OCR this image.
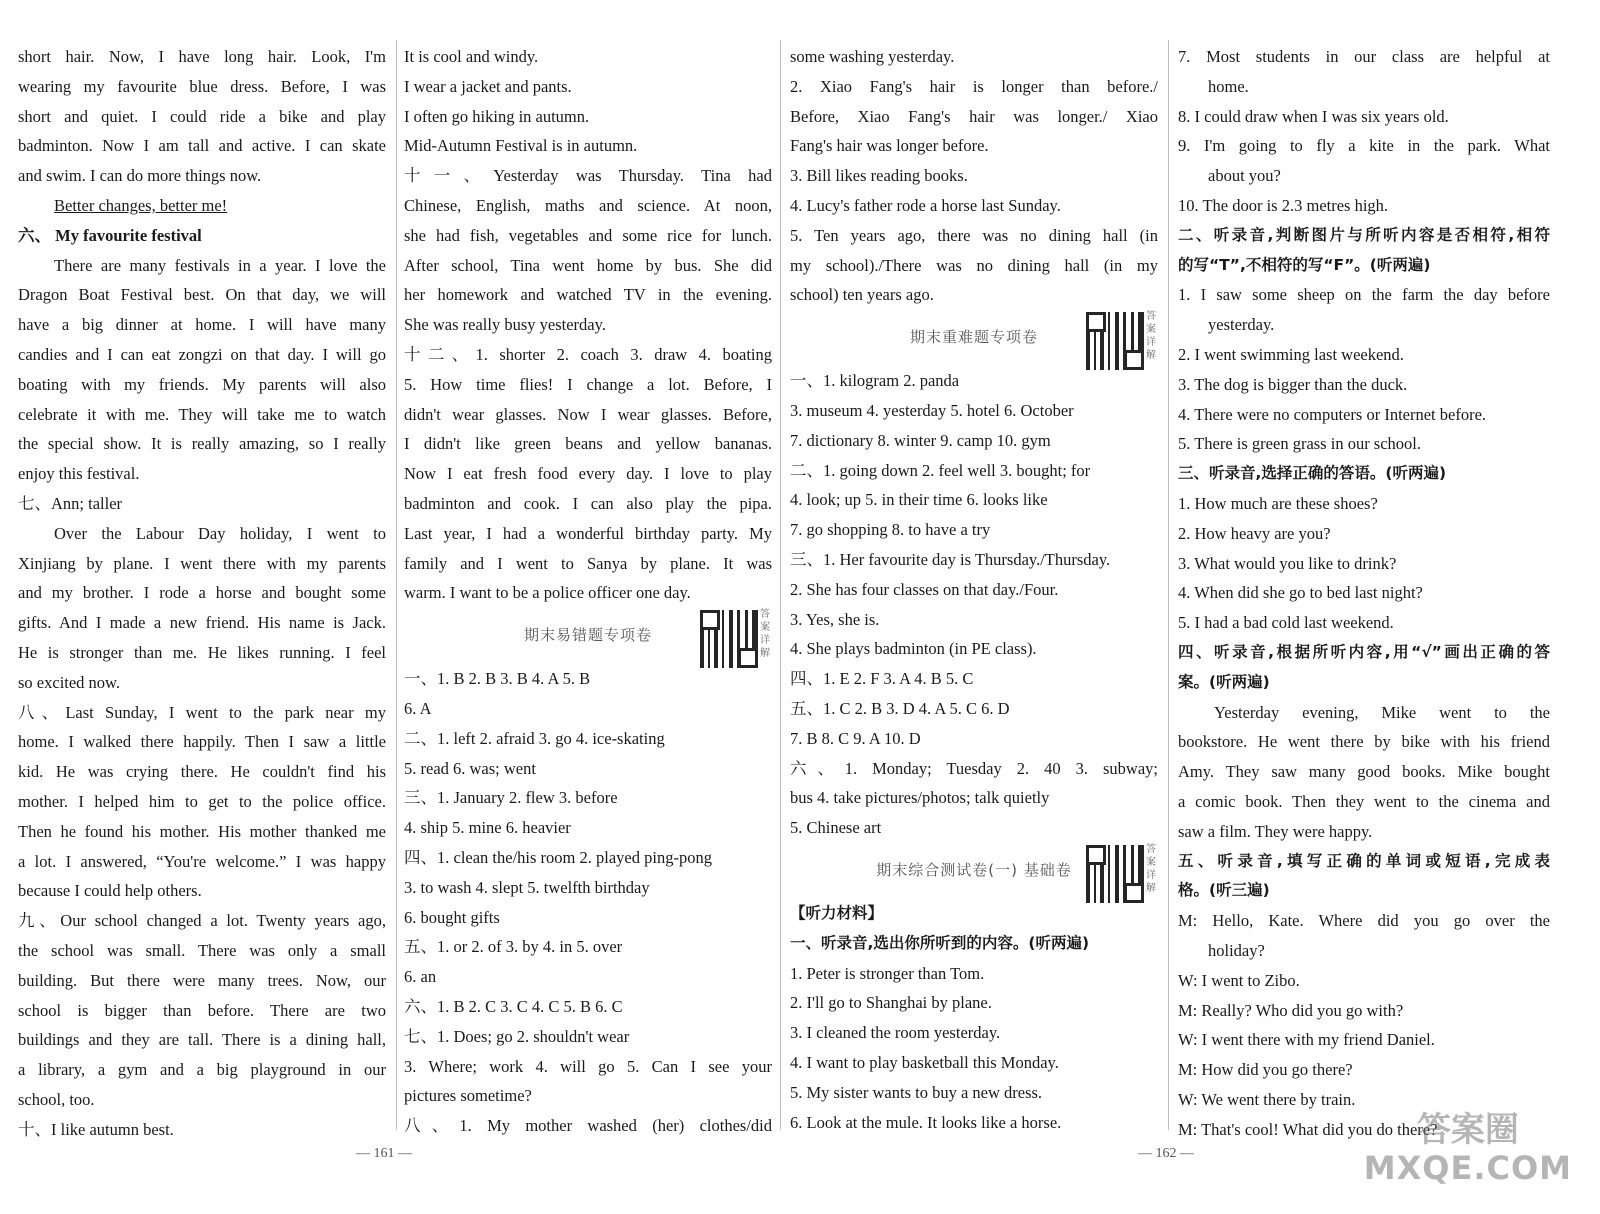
short hair. Now, I have long hair. Look, I'm
wearing my favourite blue dress. Before, I was
short and quiet. I could ride a bike and play
badminton. Now I am tall and active. I can skate
and swim. I can do more things now.
Better changes, better me!
六、 My favourite festival
There are many festivals in a year. I love the
Dragon Boat Festival best. On that day, we will
have a big dinner at home. I will have many
candies and I can eat zongzi on that day. I will go
boating with my friends. My parents will also
celebrate it with me. They will take me to watch
the special show. It is really amazing, so I really
enjoy this festival.
七、Ann; taller
Over the Labour Day holiday, I went to
Xinjiang by plane. I went there with my parents
and my brother. I rode a horse and bought some
gifts. And I made a new friend. His name is Jack.
He is stronger than me. He likes running. I feel
so excited now.
八、Last Sunday, I went to the park near my
home. I walked there happily. Then I saw a little
kid. He was crying there. He couldn't find his
mother. I helped him to get to the police office.
Then he found his mother. His mother thanked me
a lot. I answered, “You're welcome.” I was happy
because I could help others.
九、Our school changed a lot. Twenty years ago,
the school was small. There was only a small
building. But there were many trees. Now, our
school is bigger than before. There are two
buildings and they are tall. There is a dining hall,
a library, a gym and a big playground in our
school, too.
十、I like autumn best.
It is cool and windy.
I wear a jacket and pants.
I often go hiking in autumn.
Mid-Autumn Festival is in autumn.
十一、Yesterday was Thursday. Tina had
Chinese, English, maths and science. At noon,
she had fish, vegetables and some rice for lunch.
After school, Tina went home by bus. She did
her homework and watched TV in the evening.
She was really busy yesterday.
十二、1. shorter 2. coach 3. draw 4. boating
5. How time flies! I change a lot. Before, I
didn't wear glasses. Now I wear glasses. Before,
I didn't like green beans and yellow bananas.
Now I eat fresh food every day. I love to play
badminton and cook. I can also play the pipa.
Last year, I had a wonderful birthday party. My
family and I went to Sanya by plane. It was
warm. I want to be a police officer one day.
期末易错题专项卷
答案详解
一、1. B 2. B 3. B 4. A 5. B
6. A
二、1. left 2. afraid 3. go 4. ice-skating
5. read 6. was; went
三、1. January 2. flew 3. before
4. ship 5. mine 6. heavier
四、1. clean the/his room 2. played ping-pong
3. to wash 4. slept 5. twelfth birthday
6. bought gifts
五、1. or 2. of 3. by 4. in 5. over
6. an
六、1. B 2. C 3. C 4. C 5. B 6. C
七、1. Does; go 2. shouldn't wear
3. Where; work 4. will go 5. Can I see your
pictures sometime?
八、1. My mother washed (her) clothes/did
some washing yesterday.
2. Xiao Fang's hair is longer than before./
Before, Xiao Fang's hair was longer./ Xiao
Fang's hair was longer before.
3. Bill likes reading books.
4. Lucy's father rode a horse last Sunday.
5. Ten years ago, there was no dining hall (in
my school)./There was no dining hall (in my
school) ten years ago.
期末重难题专项卷
答案详解
一、1. kilogram 2. panda
3. museum 4. yesterday 5. hotel 6. October
7. dictionary 8. winter 9. camp 10. gym
二、1. going down 2. feel well 3. bought; for
4. look; up 5. in their time 6. looks like
7. go shopping 8. to have a try
三、1. Her favourite day is Thursday./Thursday.
2. She has four classes on that day./Four.
3. Yes, she is.
4. She plays badminton (in PE class).
四、1. E 2. F 3. A 4. B 5. C
五、1. C 2. B 3. D 4. A 5. C 6. D
7. B 8. C 9. A 10. D
六、1. Monday; Tuesday 2. 40 3. subway;
bus 4. take pictures/photos; talk quietly
5. Chinese art
期末综合测试卷(一) 基础卷
答案详解
【听力材料】
一、听录音,选出你所听到的内容。(听两遍)
1. Peter is stronger than Tom.
2. I'll go to Shanghai by plane.
3. I cleaned the room yesterday.
4. I want to play basketball this Monday.
5. My sister wants to buy a new dress.
6. Look at the mule. It looks like a horse.
7. Most students in our class are helpful at
home.
8. I could draw when I was six years old.
9. I'm going to fly a kite in the park. What
about you?
10. The door is 2.3 metres high.
二、听录音,判断图片与所听内容是否相符,相符
的写“T”,不相符的写“F”。(听两遍)
1. I saw some sheep on the farm the day before
yesterday.
2. I went swimming last weekend.
3. The dog is bigger than the duck.
4. There were no computers or Internet before.
5. There is green grass in our school.
三、听录音,选择正确的答语。(听两遍)
1. How much are these shoes?
2. How heavy are you?
3. What would you like to drink?
4. When did she go to bed last night?
5. I had a bad cold last weekend.
四、听录音,根据所听内容,用“√”画出正确的答
案。(听两遍)
Yesterday evening, Mike went to the
bookstore. He went there by bike with his friend
Amy. They saw many good books. Mike bought
a comic book. Then they went to the cinema and
saw a film. They were happy.
五、听录音,填写正确的单词或短语,完成表
格。(听三遍)
M: Hello, Kate. Where did you go over the
holiday?
W: I went to Zibo.
M: Really? Who did you go with?
W: I went there with my friend Daniel.
M: How did you go there?
W: We went there by train.
M: That's cool! What did you do there?
— 161 —	— 162 —
答案圈
MXQE.COM
